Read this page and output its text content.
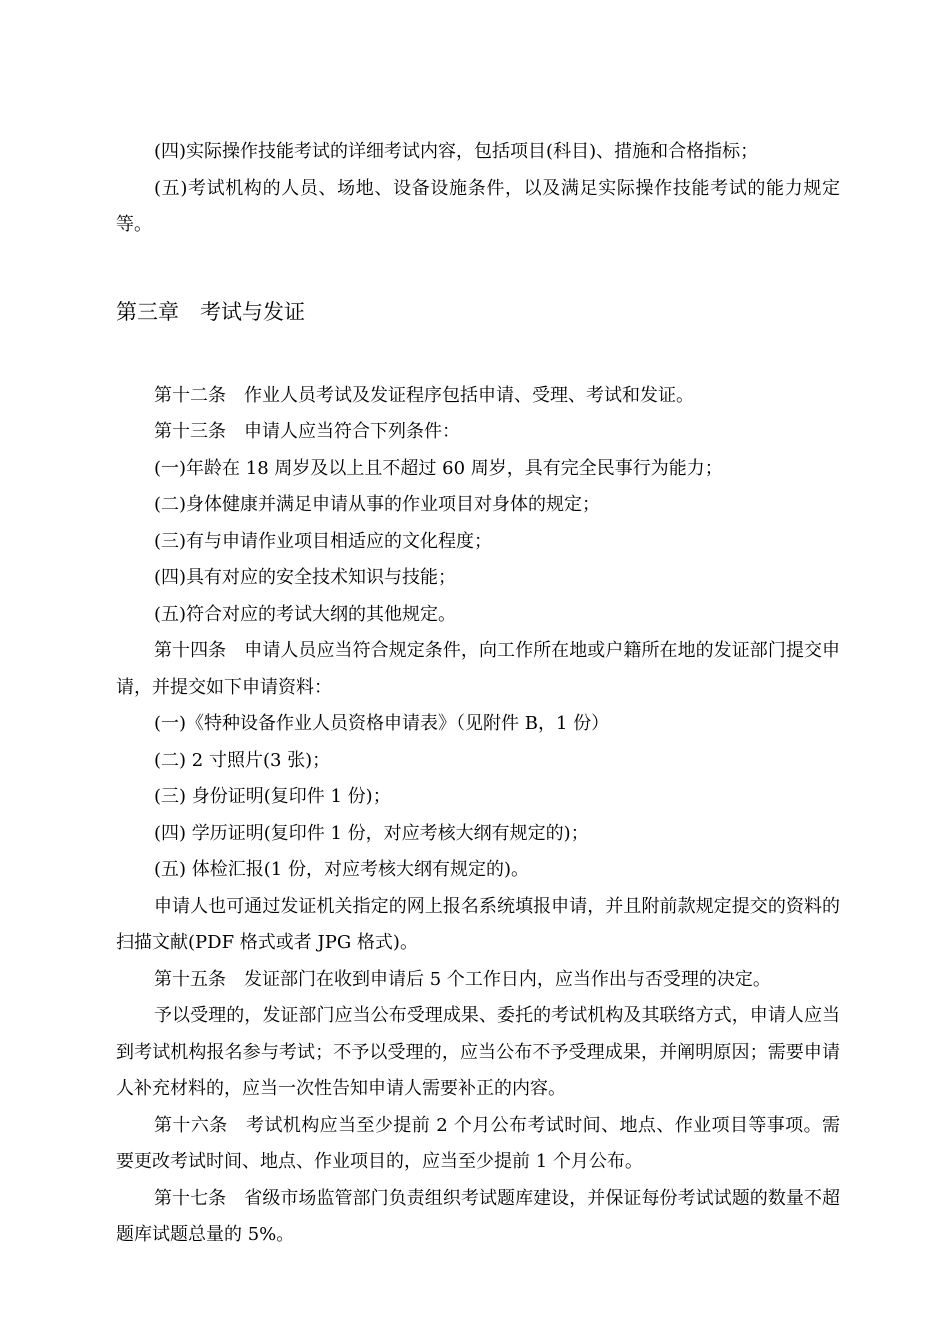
(四)实际操作技能考试的详细考试内容，包括项目(科目)、措施和合格指标；

(五)考试机构的人员、场地、设备设施条件，以及满足实际操作技能考试的能力规定等。

第三章　考试与发证

第十二条　作业人员考试及发证程序包括申请、受理、考试和发证。

第十三条　申请人应当符合下列条件：

(一)年龄在 18 周岁及以上且不超过 60 周岁，具有完全民事行为能力；

(二)身体健康并满足申请从事的作业项目对身体的规定；

(三)有与申请作业项目相适应的文化程度；

(四)具有对应的安全技术知识与技能；

(五)符合对应的考试大纲的其他规定。

第十四条　申请人员应当符合规定条件，向工作所在地或户籍所在地的发证部门提交申请，并提交如下申请资料：

(一)《特种设备作业人员资格申请表》（见附件 B，1 份）

(二) 2 寸照片(3 张)；

(三) 身份证明(复印件 1 份)；

(四) 学历证明(复印件 1 份，对应考核大纲有规定的)；

(五) 体检汇报(1 份，对应考核大纲有规定的)。

申请人也可通过发证机关指定的网上报名系统填报申请，并且附前款规定提交的资料的扫描文献(PDF 格式或者 JPG 格式)。

第十五条　发证部门在收到申请后 5 个工作日内，应当作出与否受理的决定。

予以受理的，发证部门应当公布受理成果、委托的考试机构及其联络方式，申请人应当到考试机构报名参与考试；不予以受理的，应当公布不予受理成果，并阐明原因；需要申请人补充材料的，应当一次性告知申请人需要补正的内容。

第十六条　考试机构应当至少提前 2 个月公布考试时间、地点、作业项目等事项。需要更改考试时间、地点、作业项目的，应当至少提前 1 个月公布。

第十七条　省级市场监管部门负责组织考试题库建设，并保证每份考试试题的数量不超题库试题总量的 5%。
